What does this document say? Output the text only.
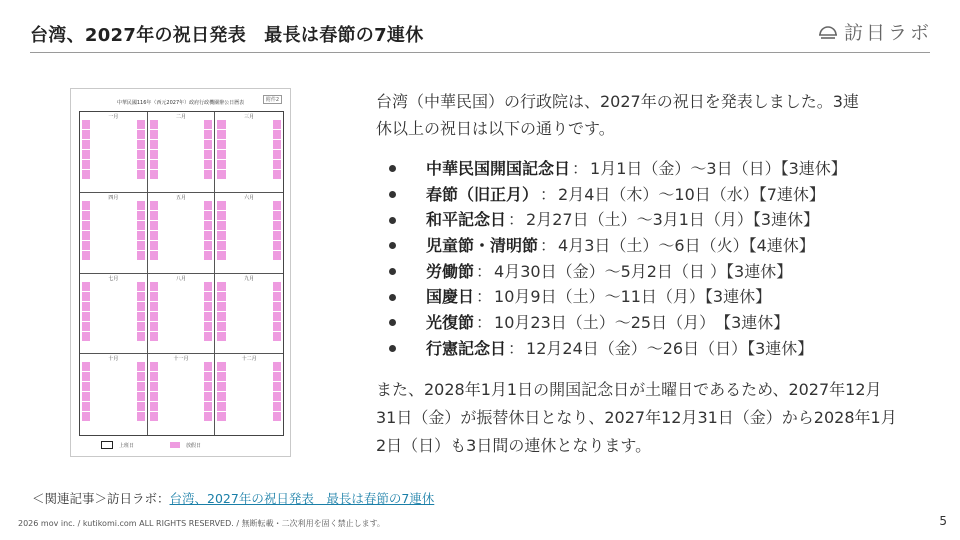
台湾、2027年の祝日発表　最長は春節の7連休	訪日ラボ
中華民國116年（西元2027年）政府行政機關辦公日曆表	附件2
一月	二月	三月
四月	五月	六月
七月	八月	九月
十月	十一月	十二月
上班日	放假日
台湾（中華民国）の行政院は、2027年の祝日を発表しました。3連
休以上の祝日は以下の通りです。
中華民国開国記念日 ： 1月1日（金）～3日（日）【3連休】
春節（旧正月） ： 2月4日（木）～10日（水）【7連休】
和平記念日 ： 2月27日（土）～3月1日（月）【3連休】
児童節・清明節 ： 4月3日（土）～6日（火）【4連休】
労働節 ： 4月30日（金）～5月2日（日 ）【3連休】
国慶日 ： 10月9日（土）～11日（月）【3連休】
光復節 ： 10月23日（土）～25日（月）　【3連休】
行憲記念日 ： 12月24日（金）～26日（日）【3連休】
また、2028年1月1日の開国記念日が土曜日であるため、2027年12月
31日（金）が振替休日となり、2027年12月31日（金）から2028年1月
2日（日）も3日間の連休となります。
＜関連記事＞訪日ラボ：台湾、2027年の祝日発表　最長は春節の7連休
2026 mov inc. / kutikomi.com ALL RIGHTS RESERVED. / 無断転載・二次利用を固く禁止します。	5
